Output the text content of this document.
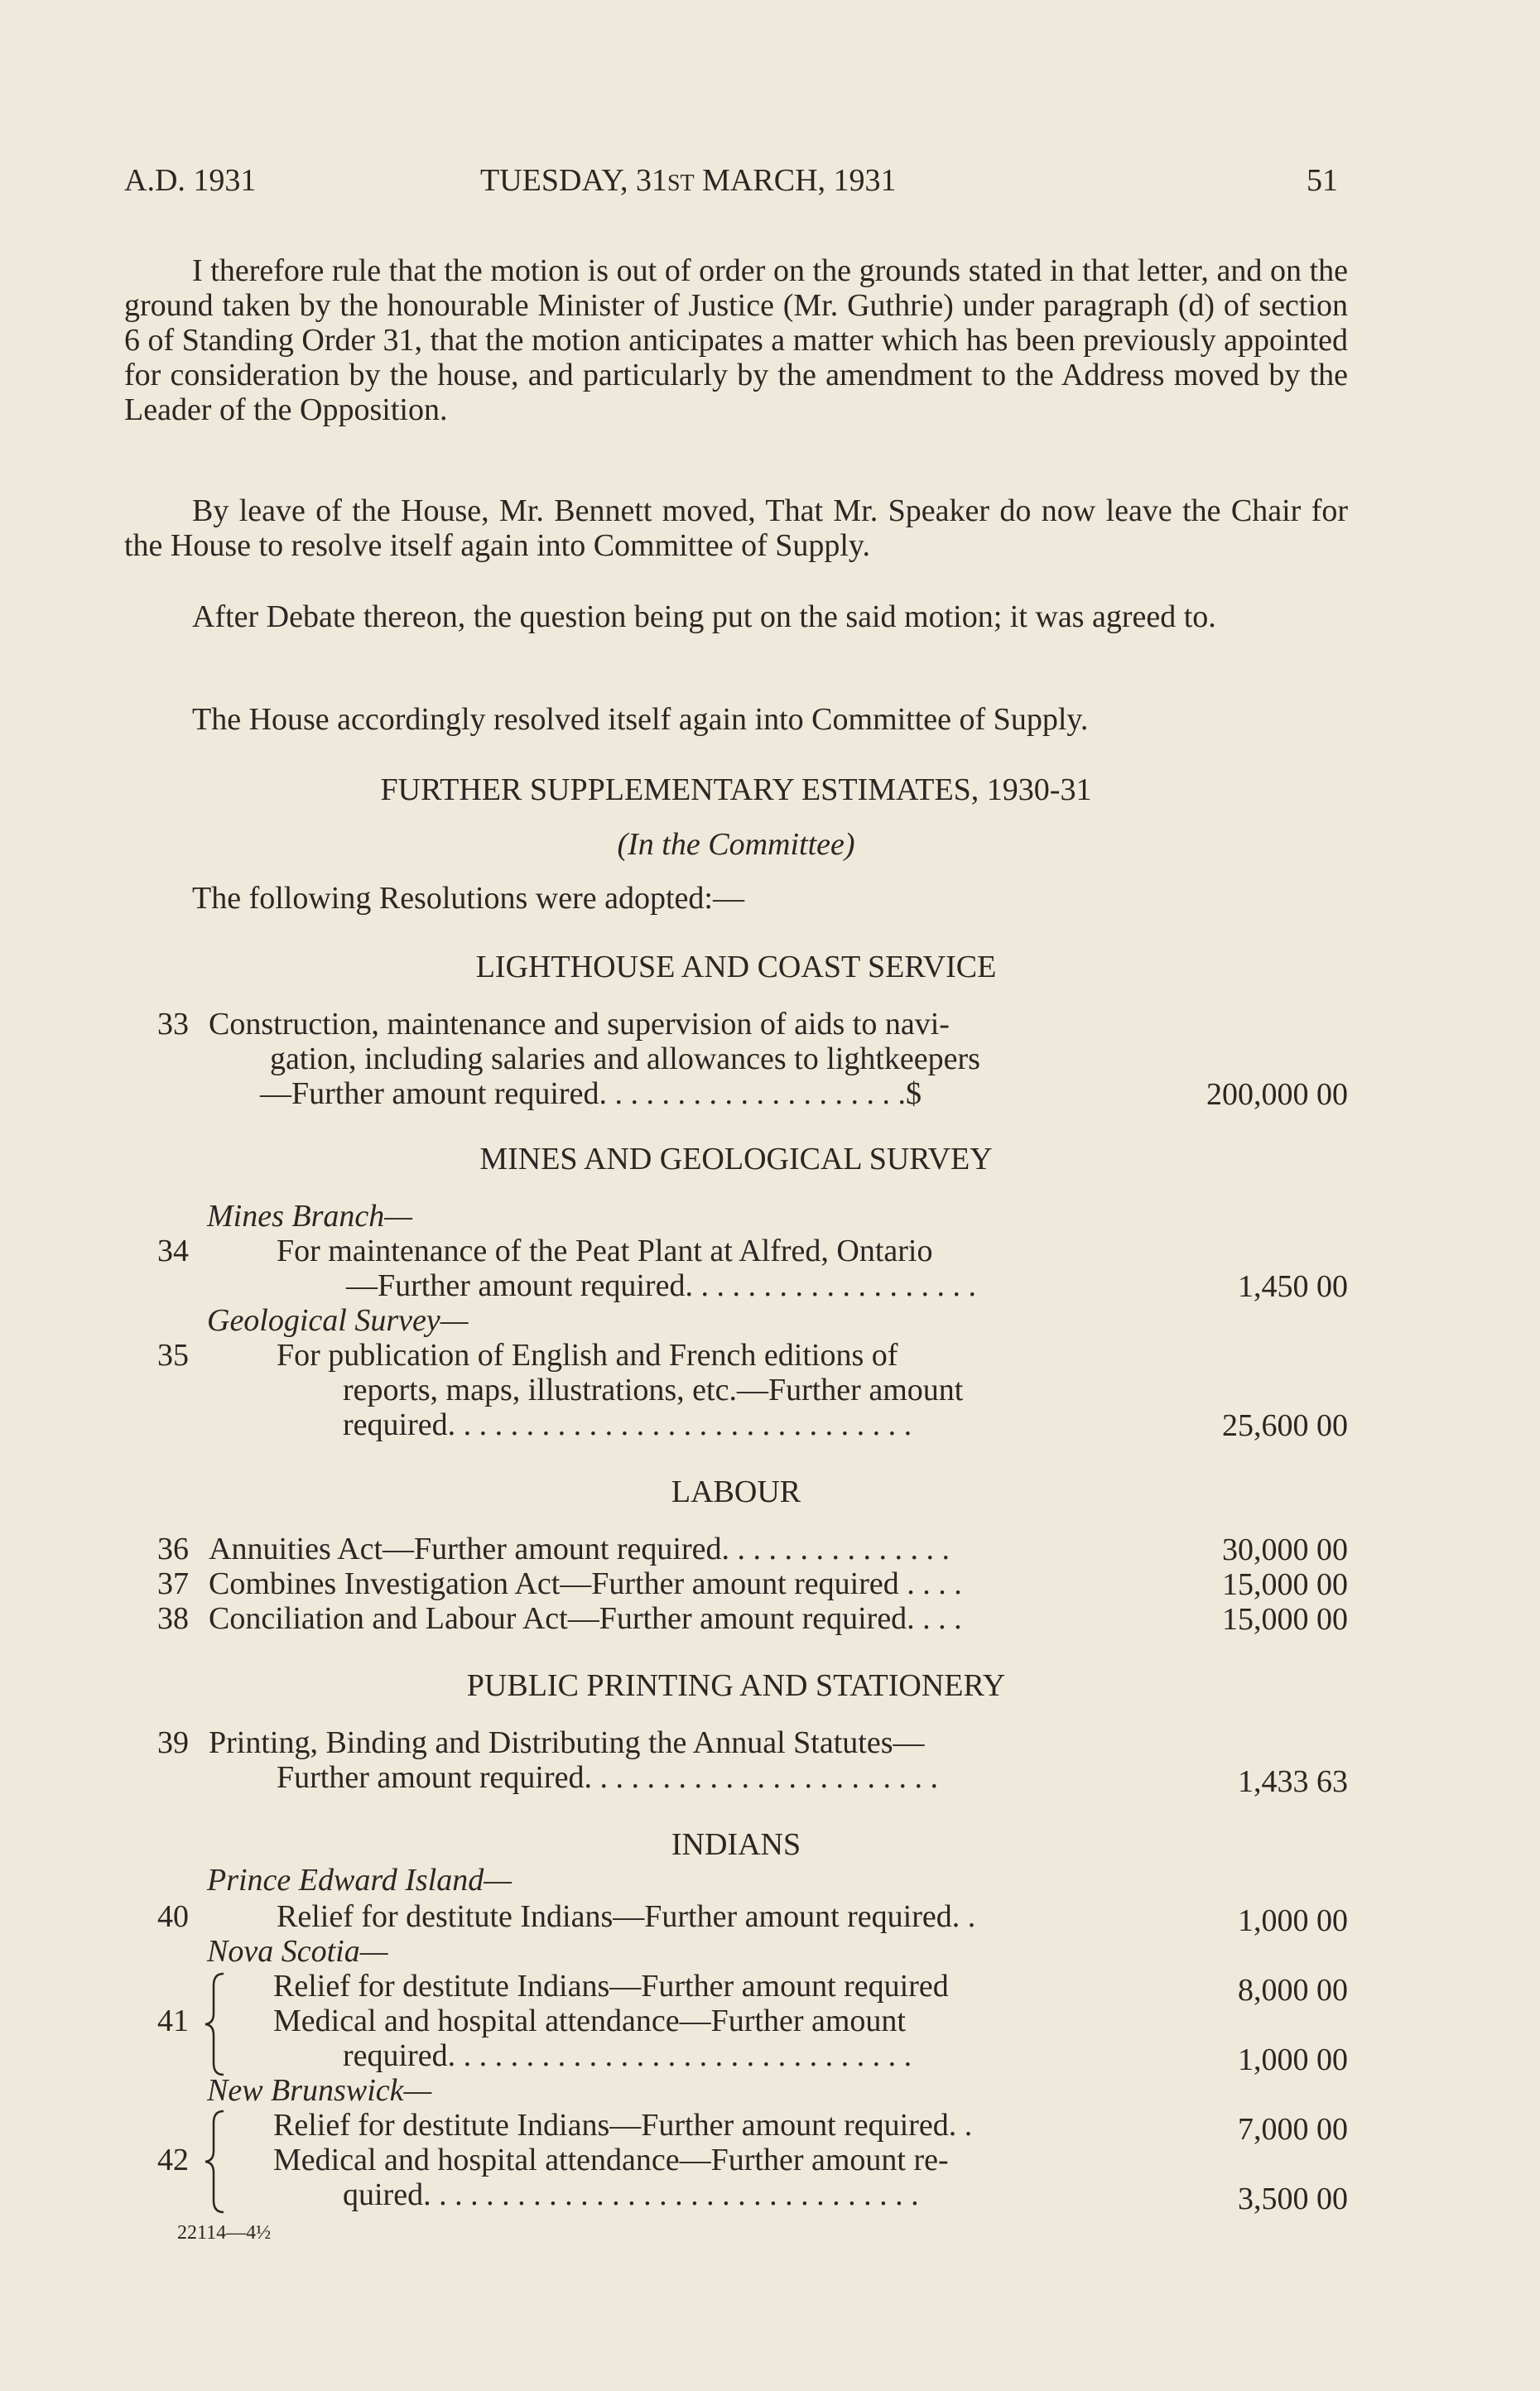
A.D. 1931	TUESDAY, 31ST MARCH, 1931	51
I therefore rule that the motion is out of order on the grounds stated in that letter, and on the ground taken by the honourable Minister of Justice (Mr. Guthrie) under paragraph (d) of section 6 of Standing Order 31, that the motion anticipates a matter which has been previously appointed for consideration by the house, and particularly by the amendment to the Address moved by the Leader of the Opposition.
By leave of the House, Mr. Bennett moved, That Mr. Speaker do now leave the Chair for the House to resolve itself again into Committee of Supply.
After Debate thereon, the question being put on the said motion; it was agreed to.
The House accordingly resolved itself again into Committee of Supply.
FURTHER SUPPLEMENTARY ESTIMATES, 1930-31
(In the Committee)
The following Resolutions were adopted:—
LIGHTHOUSE AND COAST SERVICE
33 Construction, maintenance and supervision of aids to navi-
gation, including salaries and allowances to lightkeepers
—Further amount required. . . . . . . . . . . . . . . . . . . .$	200,000 00
MINES AND GEOLOGICAL SURVEY
Mines Branch—
34	For maintenance of the Peat Plant at Alfred, Ontario
—Further amount required. . . . . . . . . . . . . . . . . . .	1,450 00
Geological Survey—
35	For publication of English and French editions of
reports, maps, illustrations, etc.—Further amount
required. . . . . . . . . . . . . . . . . . . . . . . . . . . . . .	25,600 00
LABOUR
36 Annuities Act—Further amount required. . . . . . . . . . . . . . .	30,000 00
37 Combines Investigation Act—Further amount required . . . .	15,000 00
38 Conciliation and Labour Act—Further amount required. . . .	15,000 00
PUBLIC PRINTING AND STATIONERY
39 Printing, Binding and Distributing the Annual Statutes—
Further amount required. . . . . . . . . . . . . . . . . . . . . . .	1,433 63
INDIANS
Prince Edward Island—
40	Relief for destitute Indians—Further amount required. .	1,000 00
Nova Scotia—
41
Relief for destitute Indians—Further amount required	8,000 00
Medical and hospital attendance—Further amount
required. . . . . . . . . . . . . . . . . . . . . . . . . . . . . .	1,000 00
New Brunswick—
42
Relief for destitute Indians—Further amount required. .	7,000 00
Medical and hospital attendance—Further amount re-
quired. . . . . . . . . . . . . . . . . . . . . . . . . . . . . . . .	3,500 00
22114—4½
